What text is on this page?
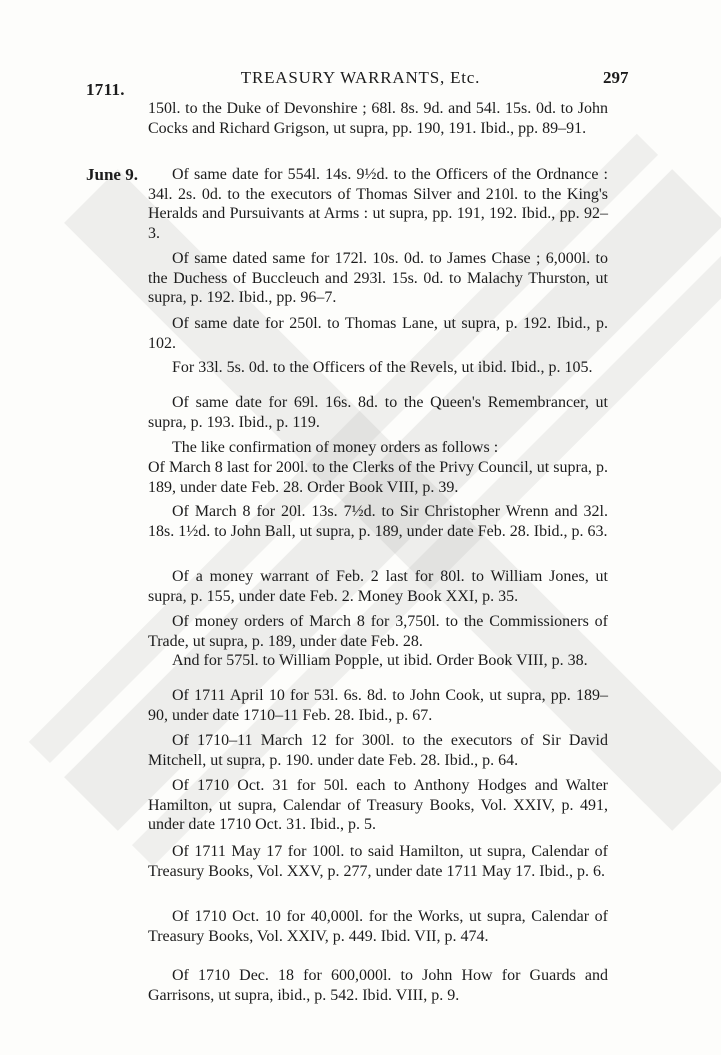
1711.
TREASURY WARRANTS, Etc.	297
June 9.
150l. to the Duke of Devonshire ; 68l. 8s. 9d. and 54l. 15s. 0d. to John Cocks and Richard Grigson, ut supra, pp. 190, 191. Ibid., pp. 89–91.
Of same date for 554l. 14s. 9½d. to the Officers of the Ordnance : 34l. 2s. 0d. to the executors of Thomas Silver and 210l. to the King's Heralds and Pursuivants at Arms : ut supra, pp. 191, 192. Ibid., pp. 92–3.
Of same dated same for 172l. 10s. 0d. to James Chase ; 6,000l. to the Duchess of Buccleuch and 293l. 15s. 0d. to Malachy Thurston, ut supra, p. 192. Ibid., pp. 96–7.
Of same date for 250l. to Thomas Lane, ut supra, p. 192. Ibid., p. 102.
For 33l. 5s. 0d. to the Officers of the Revels, ut ibid. Ibid., p. 105.
Of same date for 69l. 16s. 8d. to the Queen's Remembrancer, ut supra, p. 193. Ibid., p. 119.
The like confirmation of money orders as follows :
Of March 8 last for 200l. to the Clerks of the Privy Council, ut supra, p. 189, under date Feb. 28. Order Book VIII, p. 39.
Of March 8 for 20l. 13s. 7½d. to Sir Christopher Wrenn and 32l. 18s. 1½d. to John Ball, ut supra, p. 189, under date Feb. 28. Ibid., p. 63.
Of a money warrant of Feb. 2 last for 80l. to William Jones, ut supra, p. 155, under date Feb. 2. Money Book XXI, p. 35.
Of money orders of March 8 for 3,750l. to the Commissioners of Trade, ut supra, p. 189, under date Feb. 28.
And for 575l. to William Popple, ut ibid. Order Book VIII, p. 38.
Of 1711 April 10 for 53l. 6s. 8d. to John Cook, ut supra, pp. 189–90, under date 1710–11 Feb. 28. Ibid., p. 67.
Of 1710–11 March 12 for 300l. to the executors of Sir David Mitchell, ut supra, p. 190. under date Feb. 28. Ibid., p. 64.
Of 1710 Oct. 31 for 50l. each to Anthony Hodges and Walter Hamilton, ut supra, Calendar of Treasury Books, Vol. XXIV, p. 491, under date 1710 Oct. 31. Ibid., p. 5.
Of 1711 May 17 for 100l. to said Hamilton, ut supra, Calendar of Treasury Books, Vol. XXV, p. 277, under date 1711 May 17. Ibid., p. 6.
Of 1710 Oct. 10 for 40,000l. for the Works, ut supra, Calendar of Treasury Books, Vol. XXIV, p. 449. Ibid. VII, p. 474.
Of 1710 Dec. 18 for 600,000l. to John How for Guards and Garrisons, ut supra, ibid., p. 542. Ibid. VIII, p. 9.
